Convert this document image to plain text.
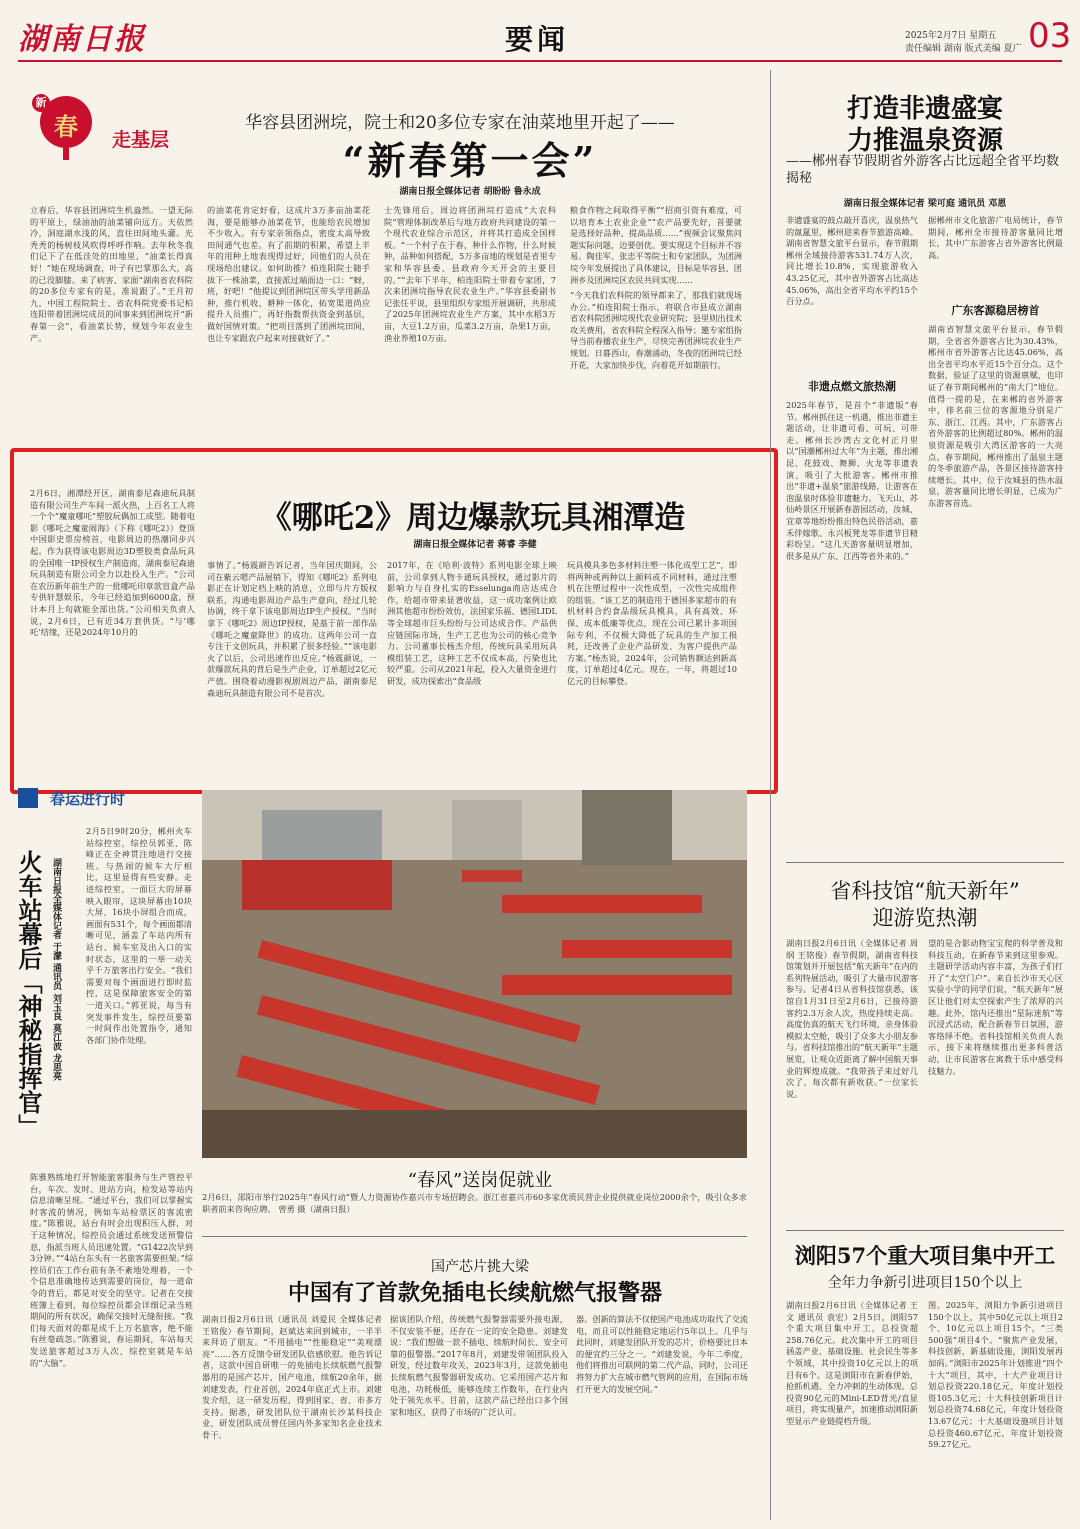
湖南日报	要闻	2025年2月7日 星期五
责任编辑 湖南 版式美编 夏广 03
新
春	走基层
华容县团洲垸，院士和20多位专家在油菜地里开起了——
“新春第一会”
湖南日报全媒体记者 胡盼盼 鲁永成
立春后，华容县团洲垸生机盎然。一望无际的平原上，绿油油的油菜铺向远方。天依然冷，洞庭湖水浅的风，直往田间地头灌。光秃秃的杨树枝风吹得呼呼作响。去年秋冬我们记下了在低洼处的田地里，“油菜长得真好！”她在现场调查，叶子有巴掌那么大，高的已没脚膝。来了病害、家面“湖南省农科院的20多位专家有的是，准说跟了。”王月初九，中国工程院院士、省农科院党委书记柏连阳带着团洲垸成员的同事来到团洲垸开“新春第一会”，看油菜长势，规划今年农业生产。
的油菜花肯定好看，这成片3万多亩油菜花海，要是能够办油菜花节，也能给农民增加不少收入。有专家亲领指点，密度太高导致田间通气也差。有了前期的积累，希望上半年的用种上地表现得过好，同他们的人员在现场给出建议。如何助推？柏连阳院士随手拔下一株油菜，直接派过端面边一口：“蚜，班，好吧！”他提议到团洲垸区带头学用新品种，推行机收、耕种一体化，拓宽渠道尚应提升人员推广，再好指数帮扶资金到基层，做好国情对策。“把项目落到了团洲垸田间，也让专家跟农户起来对接就好了。”
士先锋用后，周边将团洲垸打造成“大农科院”管理体制改革后与地方政府共同建设的第一个现代农业综合示范区，并将其打造成全国样板。“一个村子在于春，种什么作物，什么时候种，品种如何搭配，5万多亩地的规划是省里专家和华容县委、县政府今天开会的主要目的。”“去年下半年，柏连阳院士带着专家团，7次来团洲垸指导农民农业生产。”华容县委副书记张任平说，县里组织专家组开展调研，共形成了2025年团洲垸农业生产方案，其中水稻3万亩，大豆1.2万亩，瓜菜3.2万亩，杂果1万亩，渔业养殖10万亩。
粮食作物之间取得平衡”“招商引资有难度，可以培育本土农业企业”“农产品要先好，首要就是选择好品种、提高品质……”视频会议聚焦问题实际问题，边要创优。要实现这个目标并不容易。陶佳军、张忠平等院士和专家团队，为团洲垸今年发展提出了具体建议，目标是华容县、团洲乡及团洲垸区农民共同实现……
“今天我们农科院的领导都来了，那我们就现场办公。”柏连阳院士指示，将联合市县成立湖南省农科院团洲垸现代农业研究院；县里则出技术攻关费用，省农科院全程深入指导；邀专家组指导当前春播农业生产，尽快完善团洲垸农业生产规划。日暮西山，春潮涌动，冬夜的团洲垸已经开花，大家加快步伐，向着花开如期前行。
《哪吒2》周边爆款玩具湘潭造
湖南日报全媒体记者 蒋睿 李健
2月6日，湘潭经开区，湖南泰尼森迪玩具制造有限公司生产车间一派火热，上百名工人将一个个“魔童哪吒”塑胶玩偶加工成型。随着电影《哪吒之魔童闹海》（下称《哪吒2》）登顶中国影史票房榜首，电影周边的热潮同步兴起。作为获得该电影周边3D塑胶类食品玩具的全国唯一IP授权生产制造商，湖南泰尼森迪玩具制造有限公司全力以赴投入生产。“公司在农历新年前生产的一批哪吒印章款盲盒产品专供轩慧娱乐，今年已经追加到6000盒，预计本月上旬就能全部出货。”公司相关负责人说，2月6日，已有近34万套供货。“与‘哪吒’结缘，还是2024年10月的
事情了。”杨震颜告诉记者，当年国庆期间，公司在紫云嗯产品展销下，得知《哪吒2》系列电影正在计划定档上映的消息，立即与片方版权联系，沟通电影周边产品生产意向，经过几轮协调，终于拿下该电影周边IP生产授权。“当时拿下《哪吒2》周边IP授权，是基于前一部作品《哪吒之魔童降世》的成功。这两年公司一直专注于文创玩具，并积累了很多经验。”“该电影火了以后，公司迅速作出反应。”杨震颜说，一款爆款玩具的背后是生产企业，订单超过2亿元产值。围绕着动漫影视剧周边产品，湖南泰尼森迪玩具制造有限公司不是首次。
2017年，在《哈利·波特》系列电影全球上映前，公司拿到人物卡通玩具授权，通过影片的影响力与自身扎实的Esselunga商店达成合作，给超市带来显著收益，这一成功案例让欧洲其他超市纷纷效仿，法国家乐福、德国LIDL等全球超市巨头纷纷与公司达成合作。产品供应链国际市场，生产工艺也为公司的核心竞争力。公司董事长杨杰介绍，传统玩具采用玩具模组装工艺，这种工艺不仅成本高，污染也比较严重。公司从2021年起，投入大量资金进行研发，成功探索出“食品级
玩具模具多色多材料注塑一体化成型工艺”，即将两种或两种以上颜料或不同材料，通过注塑机在注塑过程中一次性成型，一次性完成组件的组装。“该工艺的制造用于德国多家超市的有机材料合约食品级玩具模具，具有高效、环保、成本低廉等优点，现在公司已累计多项国际专利，不仅极大降低了玩具的生产加工损耗，还改善了企业产品研发、为客户提供产品方案。”杨杰说，2024年，公司销售额达到新高度，订单超过4亿元。现在，一年，将超过10亿元的目标攀登。
春运进行时
火车站幕后「神秘指挥官」 湖南日报全媒体记者 于濛 通讯员 刘玉良 莫江波 龙思亮
2月5日9时20分，郴州火车站综控室，综控员郭亚、陈峰正在全神贯注地进行交接班。与热闹的候车大厅相比，这里显得有些安静。走进综控室，一面巨大的屏幕映入眼帘，这块屏幕由10块大屏、16块小屏组合而成，画面有531个，每个画面都清晰可见，涵盖了车站内所有站台、候车室及出入口的实时状态，这里的一举一动关乎千万旅客出行安全。“我们需要对每个画面进行即时监控，这是保障旅客安全的第一道关口。”郭亚说，每当有突发事件发生，综控员要第一时间作出处置指令，通知各部门协作处理。
陈雅熟练地打开智能旅客服务与生产管控平台，车次、发时、进站方向，检发站等站内信息清晰呈现。“通过平台，我们可以掌握实时客流的情况，例如车站检票区的客流密度。”陈雅说，站台有时会出现积压人群，对于这种情况，综控员会通过系统发送预警信息，指派当班人员迅速处置。“G1422次早到3分钟。”“4站台东头有一名旅客需要担架。”综控员们在工作台前有条不紊地处理着，一个个信息准确地传达到需要的岗位，每一道命令的背后，都是对安全的坚守。记者在交接班簿上看到，每位综控员都会详细记录当班期间的所有状况，确保交接时无缝衔接。“我们每天面对的都是成千上万名旅客，绝不能有丝毫疏忽。”陈雅说，春运期间，车站每天发送旅客超过3万人次，综控室就是车站的“大脑”。
“春风”送岗促就业
2月6日，邵阳市举行2025年“春风行动”暨人力资源协作嘉兴市专场招聘会。浙江省嘉兴市60多家优质民营企业提供就业岗位2000余个，吸引众多求职者前来咨询应聘。 曾勇 摄（湖南日报）
国产芯片挑大梁
中国有了首款免插电长续航燃气报警器
湖南日报2月6日讯（通讯员 刘爱民 全媒体记者 王铭俊）春节期间，赵斌达来回到城市，一半半来拜访了朋友。“不用插电”“性能稳定”“美观漂亮”……各方反馈令研发团队倍感欣慰。他告诉记者，这款中国自研唯一的免插电长续航燃气报警器用的是国产芯片，国产电池，续航20余年，据刘建发表，行业首创，2024年底正式上市。刘建发介绍，这一研发历程，得到国家、省、市多方支持。据悉，研发团队位于湖南长沙某科技企业，研发团队成员曾任国内外多家知名企业技术骨干。
据该团队介绍，传统燃气报警器需要外接电源，不仅安装不便，还存在一定的安全隐患。刘建发说：“我们想做一款不插电、续航时间长、安全可靠的报警器。”2017年8月，刘建发带领团队投入研发，经过数年攻关，2023年3月，这款免插电长续航燃气报警器研发成功。它采用国产芯片和电池，功耗极低，能够连续工作数年，在行业内处于领先水平。目前，这款产品已经出口多个国家和地区，获得了市场的广泛认可。
器。创新的算法不仅使国产电池成功取代了交流电，而且可以性能稳定地运行5年以上。几乎与此同时，刘建发团队开发的芯片，价格要比日本的便宜约三分之一。“刘建发说，今年二季度，他们将推出可联网的第二代产品，同时，公司还将努力扩大在城市燃气管网的应用，在国际市场打开更大的发展空间。”
打造非遗盛宴
力推温泉资源
——郴州春节假期省外游客占比远超全省平均数揭秘
湖南日报全媒体记者 梁可庭 通讯员 邓恩
非遗盛宴的鼓点敲开喜庆，温泉热气的氤氲里，郴州迎来春节旅游高峰。湖南省智慧文旅平台显示，春节假期郴州全域接待游客531.74万人次，同比增长10.8%，实现旅游收入43.25亿元，其中省外游客占比高达45.06%，高出全省平均水平约15个百分点。
非遗点燃文旅热潮
2025年春节，是首个“非遗版”春节。郴州抓住这一机遇，推出非遗主题活动，让非遗可看、可玩、可带走。郴州长沙湾古文化村正月里以“国潮郴州过大年”为主题，推出湘昆、花鼓戏、舞狮、火龙等非遗表演，吸引了大批游客。郴州市推出“非遗+温泉”旅游线路，让游客在泡温泉时体验非遗魅力。飞天山、苏仙岭景区开展新春游园活动，汝城、宜章等地纷纷推出特色民俗活动，嘉禾伴嫁歌、永兴板凳龙等非遗节目精彩纷呈。“这几天游客量明显增加，很多是从广东、江西等省外来的。”
据郴州市文化旅游广电局统计，春节期间，郴州全市接待游客量同比增长，其中广东游客占省外游客比例最高。
广东客源稳居榜首
湖南省智慧文旅平台显示，春节假期，全省省外游客占比为30.43%，郴州市省外游客占比达45.06%，高出全省平均水平近15个百分点。这个数据，验证了这里的资源禀赋，也印证了春节期间郴州的“南大门”地位。值得一提的是，在来郴的省外游客中，排名前三位的客源地分别是广东、浙江、江西。其中，广东游客占省外游客的比例超过80%。郴州的温泉资源是吸引大湾区游客的一大亮点。春节期间，郴州推出了温泉主题的冬季旅游产品，各景区接待游客持续增长。其中，位于汝城县的热水温泉，游客量同比增长明显，已成为广东游客首选。
省科技馆“航天新年”
迎游览热潮
湖南日报2月6日讯（全媒体记者 周纲 王铭俊）春节假期，湖南省科技馆策划并开展包括“航天新年”在内的系列特展活动，吸引了大量市民游客参与。记者4日从省科技馆获悉，该馆自1月31日至2月6日，已接待游客约2.3万余人次，热度持续走高。高度仿真的航天飞行环境，亲身体验模拟太空舱，吸引了众多大小朋友参与。省科技馆推出的“航天新年”主题展览，让观众近距离了解中国航天事业的辉煌成就。“我带孩子来过好几次了，每次都有新收获。”一位家长说。
望的是合影动物宝宝爬的科学普及和科技互动，在新春节来到这里参观。主题研学活动内容丰富，为孩子们打开了“太空门户”。来自长沙市天心区实验小学的同学们说，“航天新年”展区让他们对太空探索产生了浓厚的兴趣。此外，馆内还推出“星际迷航”等沉浸式活动，配合新春节日氛围，游客络绎不绝。省科技馆相关负责人表示，接下来将继续推出更多科普活动，让市民游客在寓教于乐中感受科技魅力。
浏阳57个重大项目集中开工
全年力争新引进项目150个以上
湖南日报2月6日讯（全媒体记者 王文 通讯员 袁宏）2月5日，浏阳57个重大项目集中开工，总投资超258.76亿元。此次集中开工的项目涵盖产业、基础设施、社会民生等多个领域，其中投资10亿元以上的项目有6个。这是浏阳市在新春伊始，抢抓机遇、全力冲刺的生动体现。总投资90亿元的Mini-LED背光/直显项目，将实现量产，加速推动浏阳新型显示产业链提档升级。
图。2025年，浏阳力争新引进项目150个以上，其中50亿元以上项目2个、10亿元以上项目15个，“三类500强”项目4个。“聚焦产业发展，科技创新，新基础设施，浏阳发展再加码。”浏阳市2025年计划推进“四个十大”项目，其中，十大产业项目计划总投资220.18亿元，年度计划投资105.3亿元；十大科技创新项目计划总投资74.68亿元，年度计划投资13.67亿元；十大基础设施项目计划总投资460.67亿元，年度计划投资59.27亿元。
